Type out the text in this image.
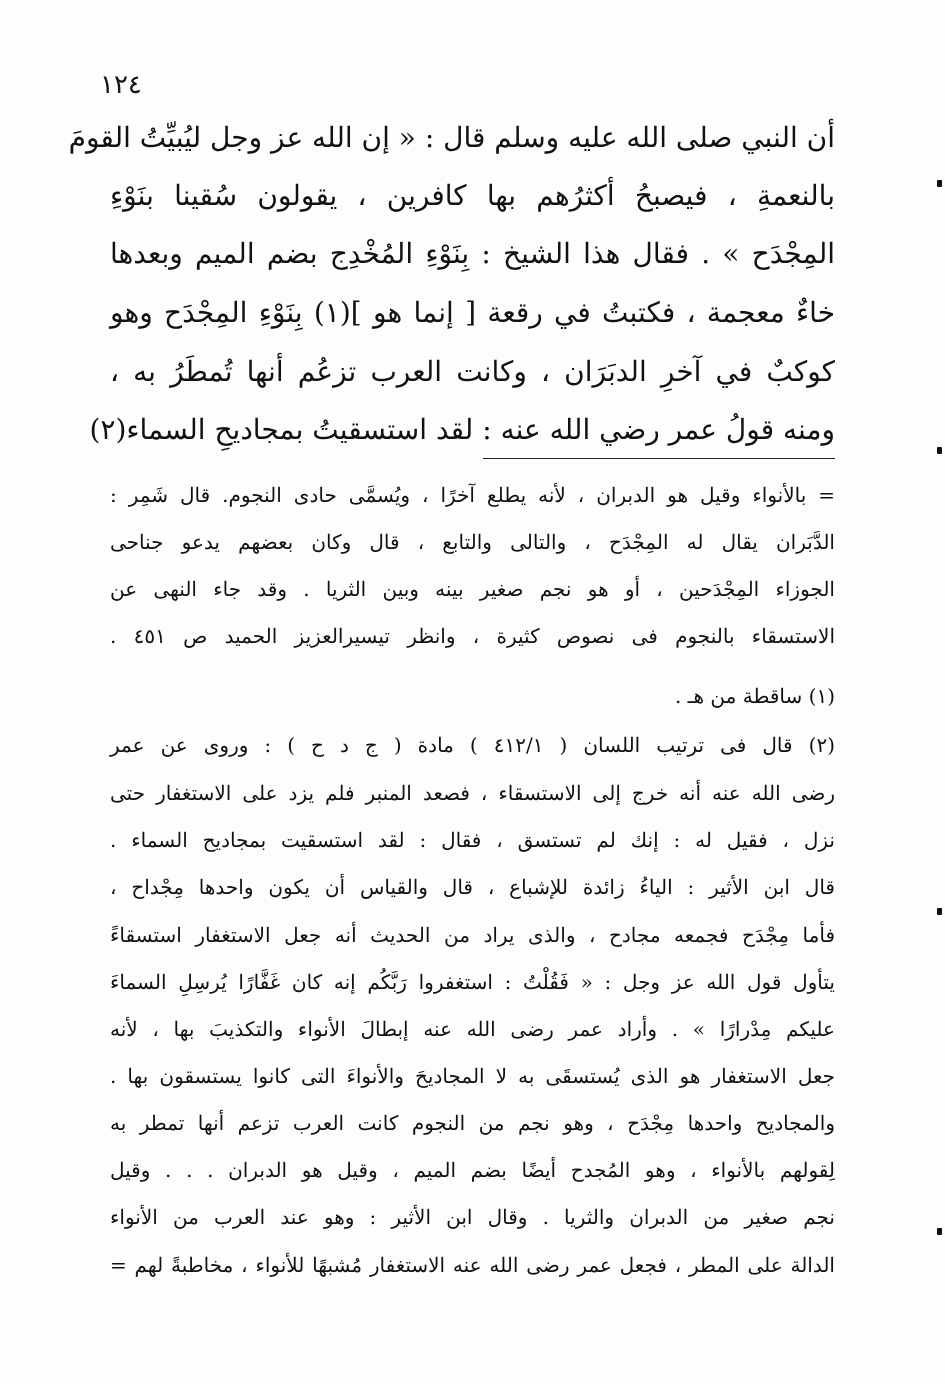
١٢٤
أن النبي صلى الله عليه وسلم قال : « إن الله عز وجل ليُبيِّتُ القومَ
بالنعمةِ ، فيصبحُ أكثرُهم بها كافرين ، يقولون سُقينا بنَوْءِ
المِجْدَح » . فقال هذا الشيخ : بِنَوْءِ المُخْدِج بضم الميم وبعدها
خاءٌ معجمة ، فكتبتُ في رقعة [ إنما هو ](١) بِنَوْءِ المِجْدَح وهو
كوكبٌ في آخرِ الدبَرَان ، وكانت العرب تزعُم أنها تُمطَرُ به ،
ومنه قولُ عمر رضي الله عنه : لقد استسقيتُ بمجاديحِ السماء(٢)
= بالأنواء وقيل هو الدبران ، لأنه يطلع آخرًا ، ويُسمَّى حادى النجوم. قال شَمِر :
الدَّبَران يقال له المِجْدَح ، والتالى والتابع ، قال وكان بعضهم يدعو جناحى
الجوزاء المِجْدَحين ، أو هو نجم صغير بينه وبين الثريا . وقد جاء النهى عن
الاستسقاء بالنجوم فى نصوص كثيرة ، وانظر تيسيرالعزيز الحميد ص ٤٥١ .
(١) ساقطة من هـ .
(٢) قال فى ترتيب اللسان ( ٤١٢/١ ) مادة ( ج د ح ) : وروى عن عمر
رضى الله عنه أنه خرج إلى الاستسقاء ، فصعد المنبر فلم يزد على الاستغفار حتى
نزل ، فقيل له : إنك لم تستسق ، فقال : لقد استسقيت بمجاديح السماء .
قال ابن الأثير : الياءُ زائدة للإشباع ، قال والقياس أن يكون واحدها مِجْداح ،
فأما مِجْدَح فجمعه مجادح ، والذى يراد من الحديث أنه جعل الاستغفار استسقاءً
يتأول قول الله عز وجل : « فَقُلْتُ : استغفروا رَبَّكُم إنه كان غَفَّارًا يُرسِلِ السماءَ
عليكم مِدْرارًا » . وأراد عمر رضى الله عنه إبطالَ الأنواء والتكذيبَ بها ، لأنه
جعل الاستغفار هو الذى يُستسقَى به لا المجاديحَ والأنواءَ التى كانوا يستسقون بها .
والمجاديح واحدها مِجْدَح ، وهو نجم من النجوم كانت العرب تزعم أنها تمطر به
لِقولهم بالأنواء ، وهو المُجدح أيضًا بضم الميم ، وقيل هو الدبران . . . وقيل
نجم صغير من الدبران والثريا . وقال ابن الأثير : وهو عند العرب من الأنواء
الدالة على المطر ، فجعل عمر رضى الله عنه الاستغفار مُشبهًا للأنواء ، مخاطبةً لهم =
